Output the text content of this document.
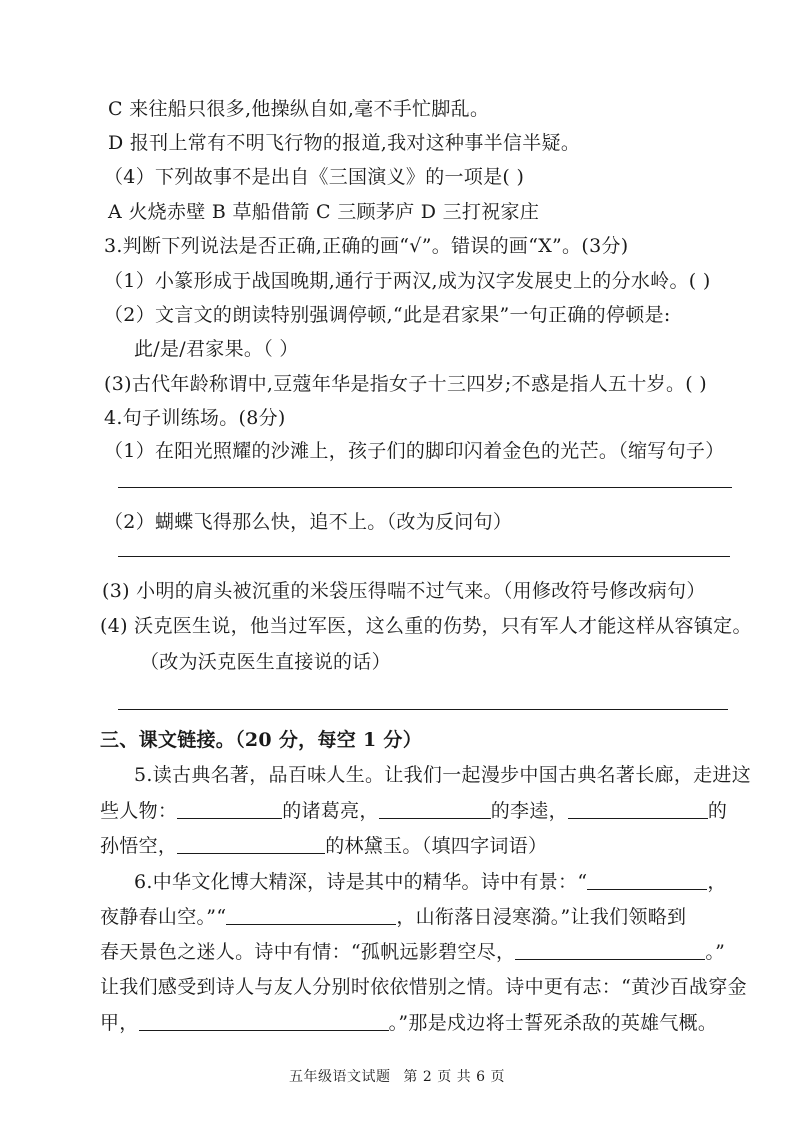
C 来往船只很多,他操纵自如,毫不手忙脚乱。
D 报刊上常有不明飞行物的报道,我对这种事半信半疑。
（4）下列故事不是出自《三国演义》的一项是( )
A 火烧赤壁 B 草船借箭 C 三顾茅庐 D 三打祝家庄
3.判断下列说法是否正确,正确的画“√”。错误的画“X”。(3分)
（1）小篆形成于战国晚期,通行于两汉,成为汉字发展史上的分水岭。( )
（2）文言文的朗读特别强调停顿,“此是君家果”一句正确的停顿是:
此/是/君家果。（ ）
(3)古代年龄称谓中,豆蔻年华是指女子十三四岁;不惑是指人五十岁。( )
4.句子训练场。(8分)
（1）在阳光照耀的沙滩上，孩子们的脚印闪着金色的光芒。（缩写句子）
（2）蝴蝶飞得那么快，追不上。（改为反问句）
(3) 小明的肩头被沉重的米袋压得喘不过气来。（用修改符号修改病句）
(4) 沃克医生说，他当过军医，这么重的伤势，只有军人才能这样从容镇定。
（改为沃克医生直接说的话）
三、课文链接。（20 分，每空 1 分）
5.读古典名著，品百味人生。让我们一起漫步中国古典名著长廊，走进这
些人物：	的诸葛亮，	的李逵，	的
孙悟空，	的林黛玉。（填四字词语）
6.中华文化博大精深，诗是其中的精华。诗中有景：“	，
夜静春山空。”“	，山衔落日浸寒漪。”让我们领略到
春天景色之迷人。诗中有情：“孤帆远影碧空尽，	。”
让我们感受到诗人与友人分别时依依惜别之情。诗中更有志：“黄沙百战穿金
甲，	。”那是戍边将士誓死杀敌的英雄气概。
五年级语文试题 第 2 页 共 6 页
